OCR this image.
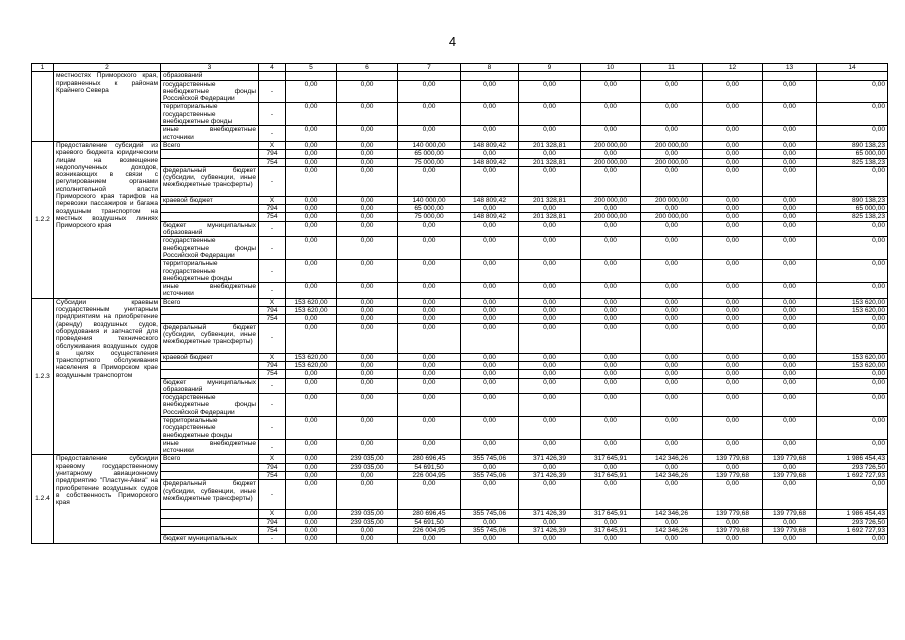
4
1	2	3	4	5	6	7	8	9	10	11	12	13	14
	местностях Приморского края, приравненных к районам Крайнего Севера	образований											
		государственные внебюджетные фонды Российской Федерации	-	0,00	0,00	0,00	0,00	0,00	0,00	0,00	0,00	0,00	0,00
		территориальные государственные внебюджетные фонды	-	0,00	0,00	0,00	0,00	0,00	0,00	0,00	0,00	0,00	0,00
		иные внебюджетные источники	-	0,00	0,00	0,00	0,00	0,00	0,00	0,00	0,00	0,00	0,00
1.2.2	Предоставление субсидий из краевого бюджета юридическим лицам на возмещение недополученных доходов, возникающих в связи с регулированием органами исполнительной власти Приморского края тарифов на перевозки пассажиров и багажа воздушным транспортом на местных воздушных линиях Приморского края	Всего	X	0,00	0,00	140 000,00	148 809,42	201 328,81	200 000,00	200 000,00	0,00	0,00	890 138,23
			794	0,00	0,00	65 000,00	0,00	0,00	0,00	0,00	0,00	0,00	65 000,00
			754	0,00	0,00	75 000,00	148 809,42	201 328,81	200 000,00	200 000,00	0,00	0,00	825 138,23
		федеральный бюджет (субсидии, субвенции, иные межбюджетные трансферты)	-	0,00	0,00	0,00	0,00	0,00	0,00	0,00	0,00	0,00	0,00
		краевой бюджет	X	0,00	0,00	140 000,00	148 809,42	201 328,81	200 000,00	200 000,00	0,00	0,00	890 138,23
			794	0,00	0,00	65 000,00	0,00	0,00	0,00	0,00	0,00	0,00	65 000,00
			754	0,00	0,00	75 000,00	148 809,42	201 328,81	200 000,00	200 000,00	0,00	0,00	825 138,23
		бюджет муниципальных образований	-	0,00	0,00	0,00	0,00	0,00	0,00	0,00	0,00	0,00	0,00
		государственные внебюджетные фонды Российской Федерации	-	0,00	0,00	0,00	0,00	0,00	0,00	0,00	0,00	0,00	0,00
		территориальные государственные внебюджетные фонды	-	0,00	0,00	0,00	0,00	0,00	0,00	0,00	0,00	0,00	0,00
		иные внебюджетные источники	-	0,00	0,00	0,00	0,00	0,00	0,00	0,00	0,00	0,00	0,00
1.2.3	Субсидии краевым государственным унитарным предприятиям на приобретение (аренду) воздушных судов, оборудования и запчастей для проведения технического обслуживания воздушных судов в целях осуществления транспортного обслуживания населения в Приморском крае воздушным транспортом	Всего	X	153 620,00	0,00	0,00	0,00	0,00	0,00	0,00	0,00	0,00	153 620,00
			794	153 620,00	0,00	0,00	0,00	0,00	0,00	0,00	0,00	0,00	153 620,00
			754	0,00	0,00	0,00	0,00	0,00	0,00	0,00	0,00	0,00	0,00
		федеральный бюджет (субсидии, субвенции, иные межбюджетные трансферты)	-	0,00	0,00	0,00	0,00	0,00	0,00	0,00	0,00	0,00	0,00
		краевой бюджет	X	153 620,00	0,00	0,00	0,00	0,00	0,00	0,00	0,00	0,00	153 620,00
			794	153 620,00	0,00	0,00	0,00	0,00	0,00	0,00	0,00	0,00	153 620,00
			754	0,00	0,00	0,00	0,00	0,00	0,00	0,00	0,00	0,00	0,00
		бюджет муниципальных образований	-	0,00	0,00	0,00	0,00	0,00	0,00	0,00	0,00	0,00	0,00
		государственные внебюджетные фонды Российской Федерации	-	0,00	0,00	0,00	0,00	0,00	0,00	0,00	0,00	0,00	0,00
		территориальные государственные внебюджетные фонды	-	0,00	0,00	0,00	0,00	0,00	0,00	0,00	0,00	0,00	0,00
		иные внебюджетные источники	-	0,00	0,00	0,00	0,00	0,00	0,00	0,00	0,00	0,00	0,00
1.2.4	Предоставление субсидии краевому государственному унитарному авиационному предприятию "Пластун-Авиа" на приобретение воздушных судов в собственность Приморского края	Всего	X	0,00	239 035,00	280 696,45	355 745,06	371 426,39	317 645,91	142 346,26	139 779,68	139 779,68	1 986 454,43
			794	0,00	239 035,00	54 691,50	0,00	0,00	0,00	0,00	0,00	0,00	293 726,50
			754	0,00	0,00	226 004,95	355 745,06	371 426,39	317 645,91	142 346,26	139 779,68	139 779,68	1 692 727,93
		федеральный бюджет (субсидии, субвенции, иные межбюджетные трансферты)	-	0,00	0,00	0,00	0,00	0,00	0,00	0,00	0,00	0,00	0,00
			X	0,00	239 035,00	280 696,45	355 745,06	371 426,39	317 645,91	142 346,26	139 779,68	139 779,68	1 986 454,43
			794	0,00	239 035,00	54 691,50	0,00	0,00	0,00	0,00	0,00	0,00	293 726,50
			754	0,00	0,00	226 004,95	355 745,06	371 426,39	317 645,91	142 346,26	139 779,68	139 779,68	1 692 727,93
		бюджет муниципальных	-	0,00	0,00	0,00	0,00	0,00	0,00	0,00	0,00	0,00	0,00
